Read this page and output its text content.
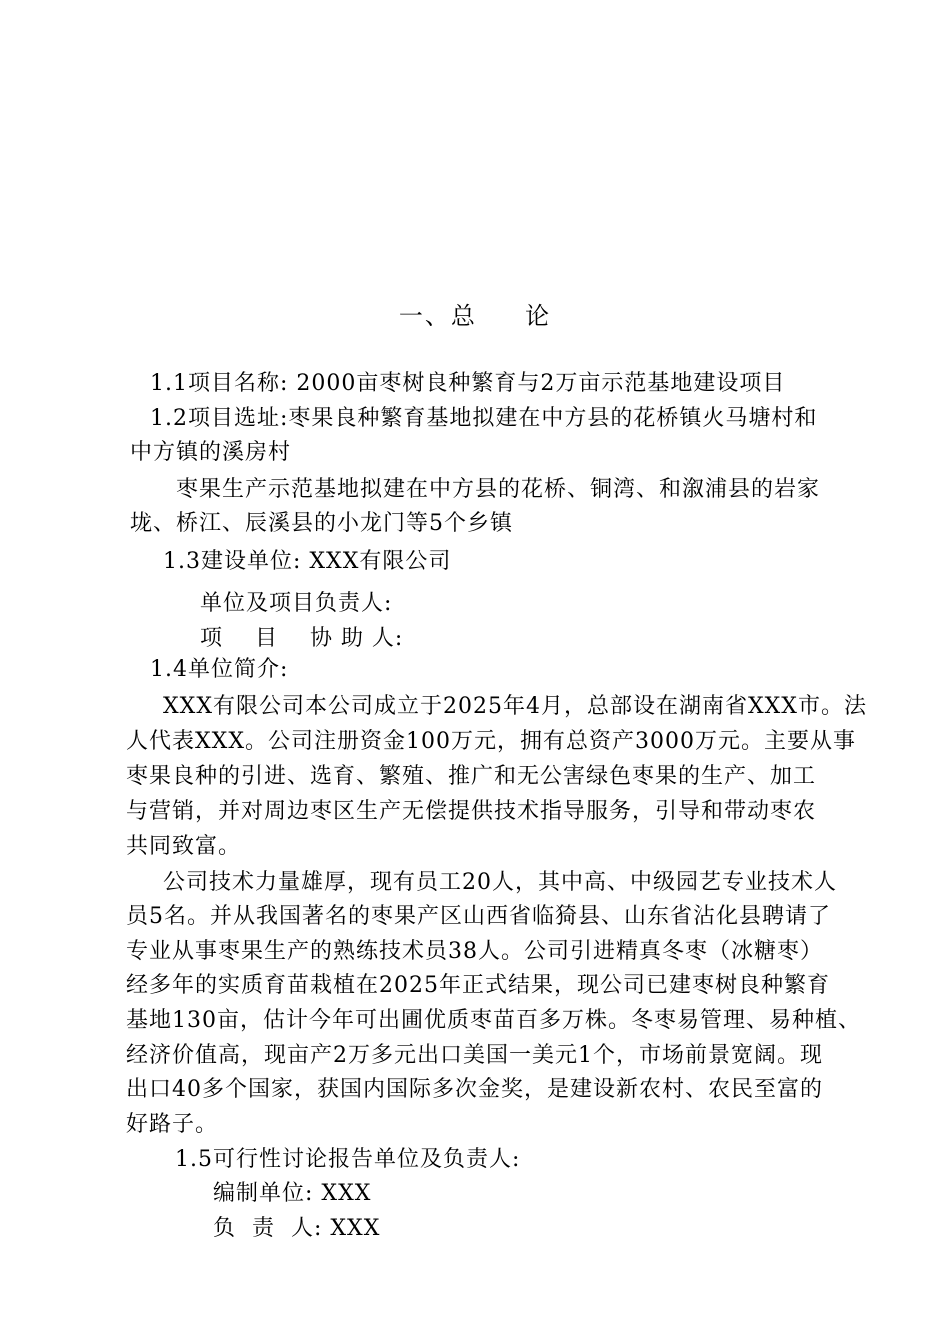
一、总     论
1.1项目名称: 2000亩枣树良种繁育与2万亩示范基地建设项目
1.2项目选址:枣果良种繁育基地拟建在中方县的花桥镇火马塘村和
中方镇的溪房村
枣果生产示范基地拟建在中方县的花桥、铜湾、和溆浦县的岩家
垅、桥江、辰溪县的小龙门等5个乡镇
1.3建设单位: XXX有限公司
单位及项目负责人:
项    目    协 助 人:
1.4单位简介:
XXX有限公司本公司成立于2025年4月，总部设在湖南省XXX市。法
人代表XXX。公司注册资金100万元，拥有总资产3000万元。主要从事
枣果良种的引进、选育、繁殖、推广和无公害绿色枣果的生产、加工
与营销，并对周边枣区生产无偿提供技术指导服务，引导和带动枣农
共同致富。
公司技术力量雄厚，现有员工20人，其中高、中级园艺专业技术人
员5名。并从我国著名的枣果产区山西省临猗县、山东省沾化县聘请了
专业从事枣果生产的熟练技术员38人。公司引进精真冬枣（冰糖枣）
经多年的实质育苗栽植在2025年正式结果，现公司已建枣树良种繁育
基地130亩，估计今年可出圃优质枣苗百多万株。冬枣易管理、易种植、
经济价值高，现亩产2万多元出口美国一美元1个，市场前景宽阔。现
出口40多个国家，获国内国际多次金奖，是建设新农村、农民至富的
好路子。
1.5可行性讨论报告单位及负责人:
编制单位: XXX
负  责  人: XXX
